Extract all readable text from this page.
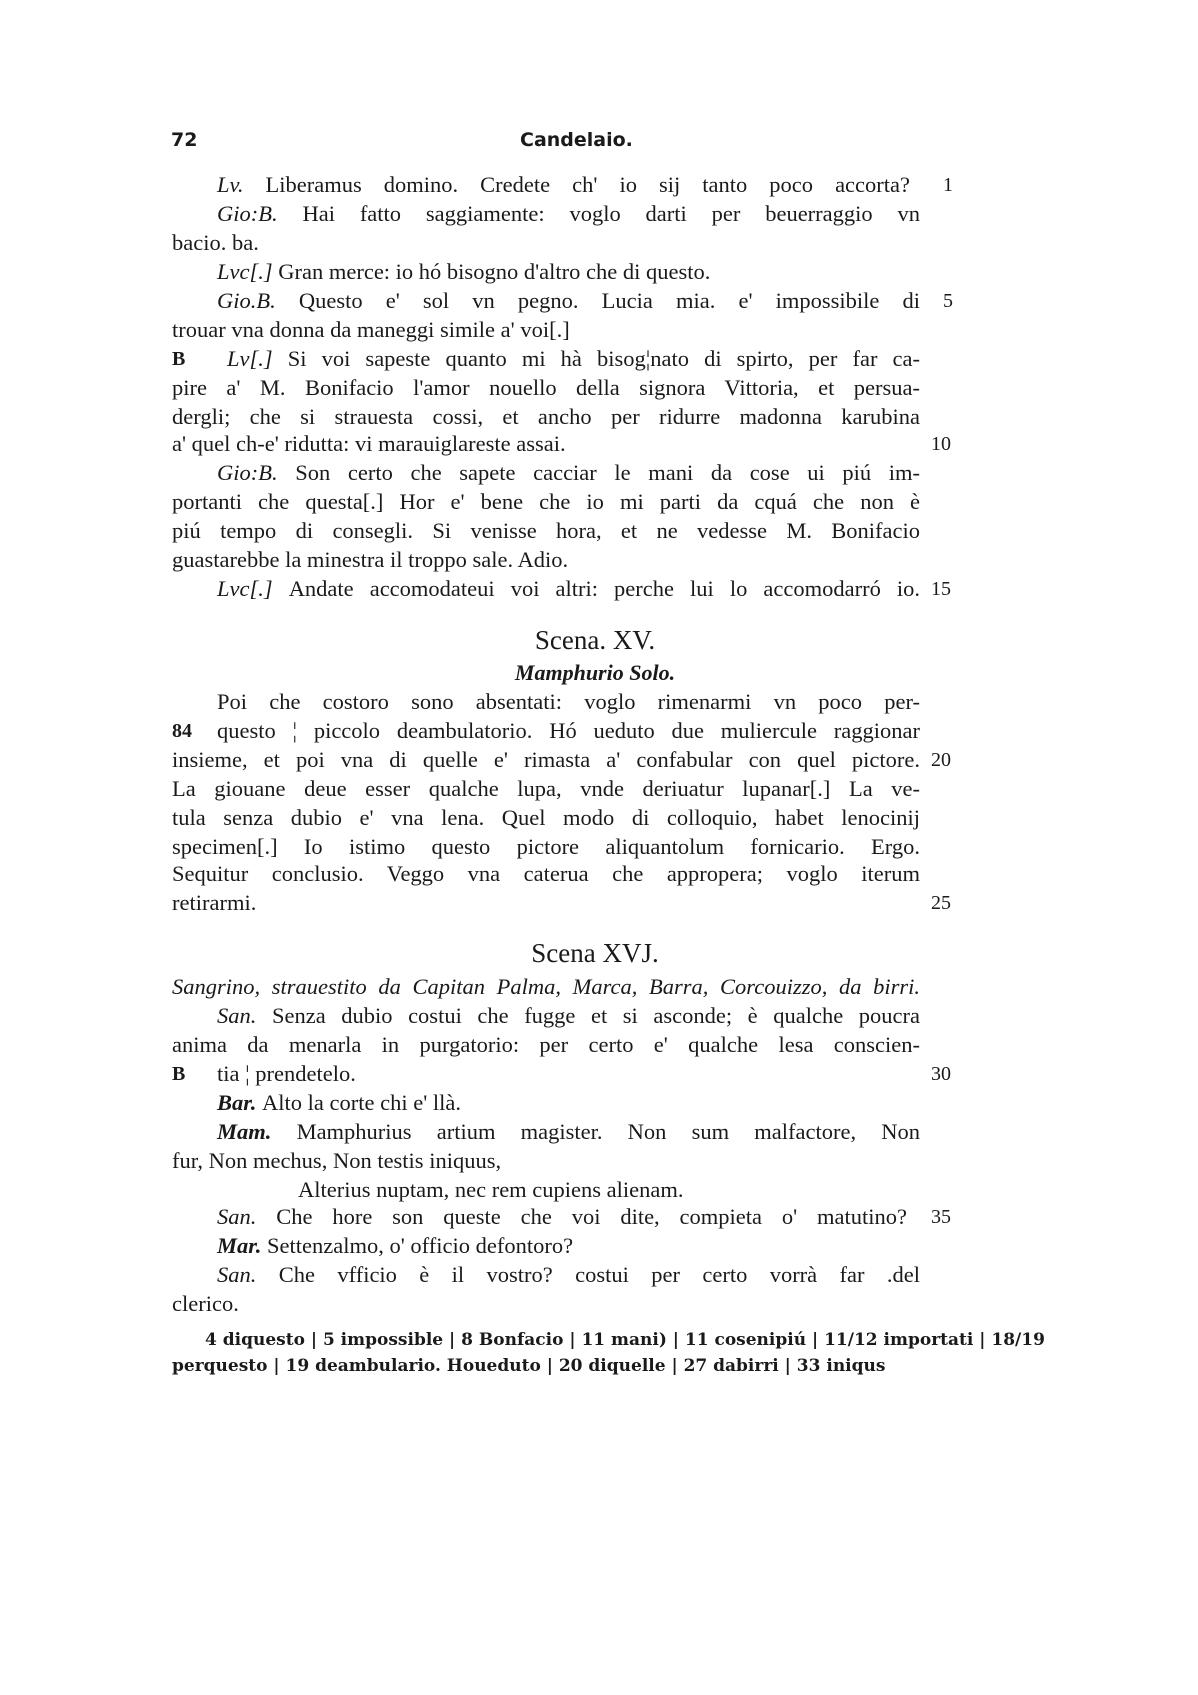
72	Candelaio.
1
5
10
15
20
25
30
35
B
84
B
Lv. Liberamus domino. Credete ch' io sij tanto poco accorta?
Gio:B. Hai fatto saggiamente: voglo darti per beuerraggio vn
bacio. ba.
Lvc[.] Gran merce: io hó bisogno d'altro che di questo.
Gio.B. Questo e' sol vn pegno. Lucia mia. e' impossibile di
trouar vna donna da maneggi simile a' voi[.]
Lv[.] Si voi sapeste quanto mi hà bisog¦nato di spirto, per far ca-
pire a' M. Bonifacio l'amor nouello della signora Vittoria, et persua-
dergli; che si strauesta cossi, et ancho per ridurre madonna karubina
a' quel ch-e' ridutta: vi marauiglareste assai.
Gio:B. Son certo che sapete cacciar le mani da cose ui piú im-
portanti che questa[.] Hor e' bene che io mi parti da cquá che non è
piú tempo di consegli. Si venisse hora, et ne vedesse M. Bonifacio
guastarebbe la minestra il troppo sale. Adio.
Lvc[.] Andate accomodateui voi altri: perche lui lo accomodarró io.
Scena. XV.
Mamphurio Solo.
Poi che costoro sono absentati: voglo rimenarmi vn poco per-
questo ¦ piccolo deambulatorio. Hó ueduto due mulierculе raggionar
insieme, et poi vna di quelle e' rimasta a' confabular con quel pictore.
La giouane deue esser qualche lupa, vnde deriuatur lupanar[.] La ve-
tula senza dubio e' vna lena. Quel modo di colloquio, habet lenocinij
specimen[.] Io istimo questo pictore aliquantolum fornicario. Ergo.
Sequitur conclusio. Veggo vna caterua che appropera; voglo iterum
retirarmi.
Scena XVJ.
Sangrino, strauestito da Capitan Palma, Marca, Barra, Corcouizzo, da birri.
San. Senza dubio costui che fugge et si asconde; è qualche poucra
anima da menarla in purgatorio: per certo e' qualche lesa conscien-
tia ¦ prendetelo.
Bar. Alto la corte chi e' llà.
Mam. Mamphurius artium magister. Non sum malfactore, Non
fur, Non mechus, Non testis iniquus,
Alterius nuptam, nec rem cupiens alienam.
San. Che hore son queste che voi dite, compieta o' matutino?
Mar. Settenzalmo, o' officio defontoro?
San. Che vfficio è il vostro? costui per certo vorrà far .del
clerico.
4 diquesto | 5 impossible | 8 Bonfacio | 11 mani) | 11 cosenipiú | 11/12 importati | 18/19
perquesto | 19 deambulario. Houeduto | 20 diquelle | 27 dabirri | 33 iniqus
